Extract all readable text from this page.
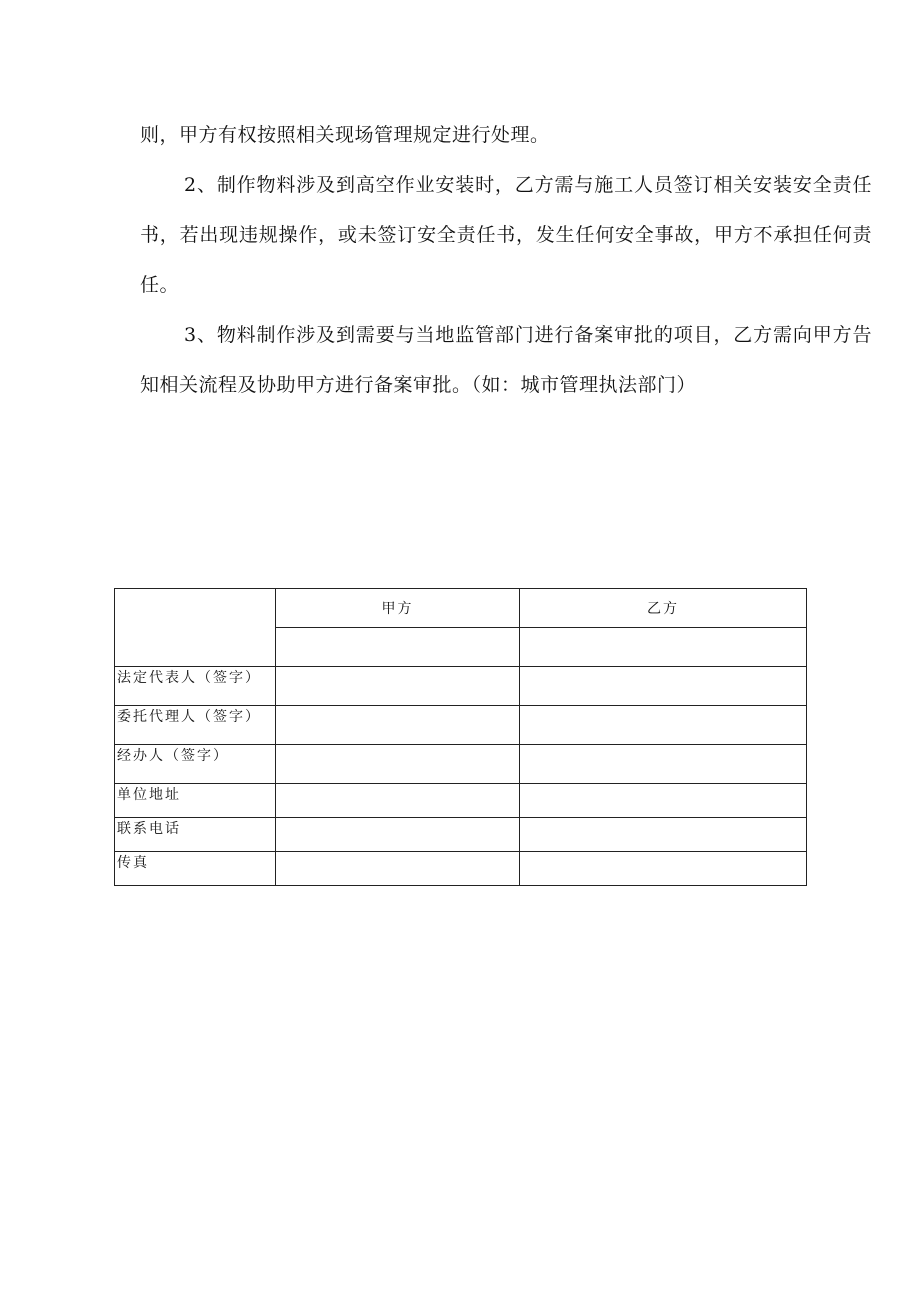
则，甲方有权按照相关现场管理规定进行处理。

2、制作物料涉及到高空作业安装时，乙方需与施工人员签订相关安装安全责任书，若出现违规操作，或未签订安全责任书，发生任何安全事故，甲方不承担任何责任。

3、物料制作涉及到需要与当地监管部门进行备案审批的项目，乙方需向甲方告知相关流程及协助甲方进行备案审批。（如：城市管理执法部门）

	甲方	乙方

法定代表人（签字）		
委托代理人（签字）		
经办人（签字）		
单位地址		
联系电话		
传真		
